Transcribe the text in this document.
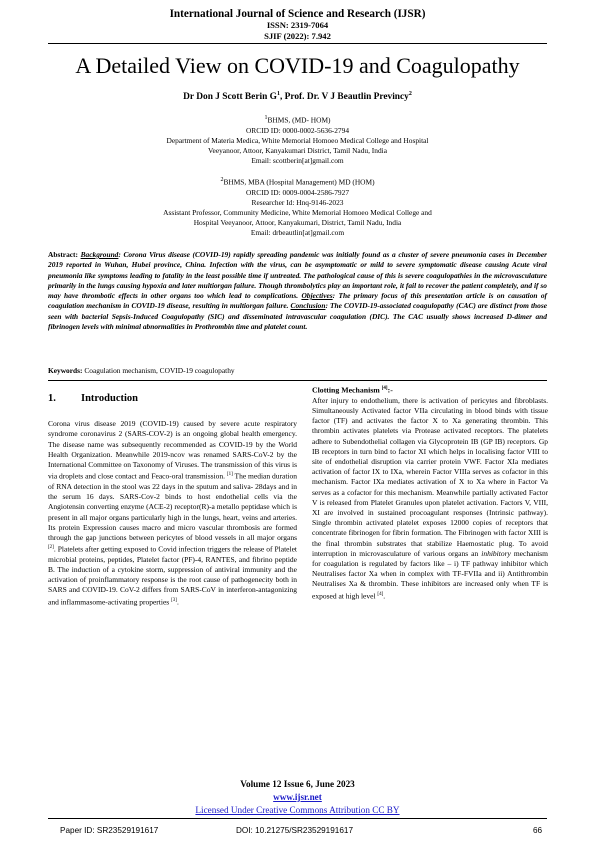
International Journal of Science and Research (IJSR)
ISSN: 2319-7064
SJIF (2022): 7.942
A Detailed View on COVID-19 and Coagulopathy
Dr Don J Scott Berin $G^1$, Prof. Dr. V J Beautlin Previncy$^2$
$^1$BHMS, (MD- HOM)
ORCID ID: 0000-0002-5636-2794
Department of Materia Medica, White Memorial Homoeo Medical College and Hospital
Veeyanoor, Attoor, Kanyakumari District, Tamil Nadu, India
Email: scottberin[at]gmail.com
$^2$BHMS, MBA (Hospital Management) MD (HOM)
ORCID ID: 0009-0004-2586-7927
Researcher Id: Hnq-9146-2023
Assistant Professor, Community Medicine, White Memorial Homoeo Medical College and
Hospital Veeyanoor, Attoor, Kanyakumari, District, Tamil Nadu, India
Email: drbeautlin[at]gmail.com
Abstract: Background: Corona Virus disease (COVID-19) rapidly spreading pandemic was initially found as a cluster of severe pneumonia cases in December 2019 reported in Wuhan, Hubei province, China. Infection with the virus, can be asymptomatic or mild to severe symptomatic disease causing Acute viral pneumonia like symptoms leading to fatality in the least possible time if untreated. The pathological cause of this is severe coagulopathies in the microvasculature primarily in the lungs causing hypoxia and later multiorgan failure. Though thrombolytics play an important role, it fail to recover the patient completely, and if so may have thrombotic effects in other organs too which lead to complications. Objectives: The primary focus of this presentation article is on causation of coagulation mechanism in COVID-19 disease, resulting in multiorgan failure. Conclusion: The COVID-19-associated coagulopathy (CAC) are distinct from those seen with bacterial Sepsis-Induced Coagulopathy (SIC) and disseminated intravascular coagulation (DIC). The CAC usually shows increased D-dimer and fibrinogen levels with minimal abnormalities in Prothrombin time and platelet count.
Keywords: Coagulation mechanism, COVID-19 coagulopathy
1. Introduction

Corona virus disease 2019 (COVID-19) caused by severe acute respiratory syndrome coronavirus 2 (SARS-COV-2) is an ongoing global health emergency. The disease name was subsequently recommended as COVID-19 by the World Health Organization. Meanwhile 2019-ncov was renamed SARS-CoV-2 by the International Committee on Taxonomy of Viruses. The transmission of this virus is via droplets and close contact and Feaco-oral transmission. [1] The median duration of RNA detection in the stool was 22 days in the sputum and saliva- 28days and in the serum 16 days. SARS-Cov-2 binds to host endothelial cells via the Angiotensin converting enzyme (ACE-2) receptor(R)-a metallo peptidase which is present in all major organs particularly high in the lungs, heart, veins and arteries. Its protein Expression causes macro and micro vascular thrombosis are formed through the gap junctions between pericytes of blood vessels in all major organs [2]. Platelets after getting exposed to Covid infection triggers the release of Platelet microbial proteins, peptides, Platelet factor (PF)-4, RANTES, and fibrino peptide B. The induction of a cytokine storm, suppression of antiviral immunity and the activation of proinflammatory response is the root cause of pathogenecity both in SARS and COVID-19. CoV-2 differs from SARS-CoV in interferon-antagonizing and inflammasome-activating properties [3].

Clotting Mechanism [4]:-

After injury to endothelium, there is activation of pericytes and fibroblasts. Simultaneously Activated factor VIIa circulating in blood binds with tissue factor (TF) and activates the factor X to Xa generating thrombin. This thrombin activates platelets via Protease activated receptors. The platelets adhere to Subendothelial collagen via Glycoprotein IB (GP IB) receptors. Gp IB receptors in turn bind to factor XI which helps in localising factor VIII to site of endothelial disruption via carrier protein VWF. Factor XIa mediates activation of factor IX to IXa, wherein Factor VIIIa serves as cofactor in this mechanism. Factor IXa mediates activation of X to Xa where in Factor Va serves as a cofactor for this mechanism. Meanwhile partially activated Factor V is released from Platelet Granules upon platelet activation. Factors V, VIII, XI are involved in sustained procoagulant responses (Intrinsic pathway). Single thrombin activated platelet exposes 12000 copies of receptors that concentrate fibrinogen for fibrin formation. The Fibrinogen with factor XIII is the final thrombin substrates that stabilize Haemostatic plug. To avoid interruption in microvasculature of various organs an inhibitory mechanism for coagulation is regulated by factors like – i) TF pathway inhibitor which Neutralises factor Xa when in complex with TF-FVIIa and ii) Antithrombin Neutralises Xa & thrombin. These inhibitors are increased only when TF is exposed at high level [4].

Volume 12 Issue 6, June 2023
www.ijsr.net
Licensed Under Creative Commons Attribution CC BY
Paper ID: SR23529191617	DOI: 10.21275/SR23529191617	66
